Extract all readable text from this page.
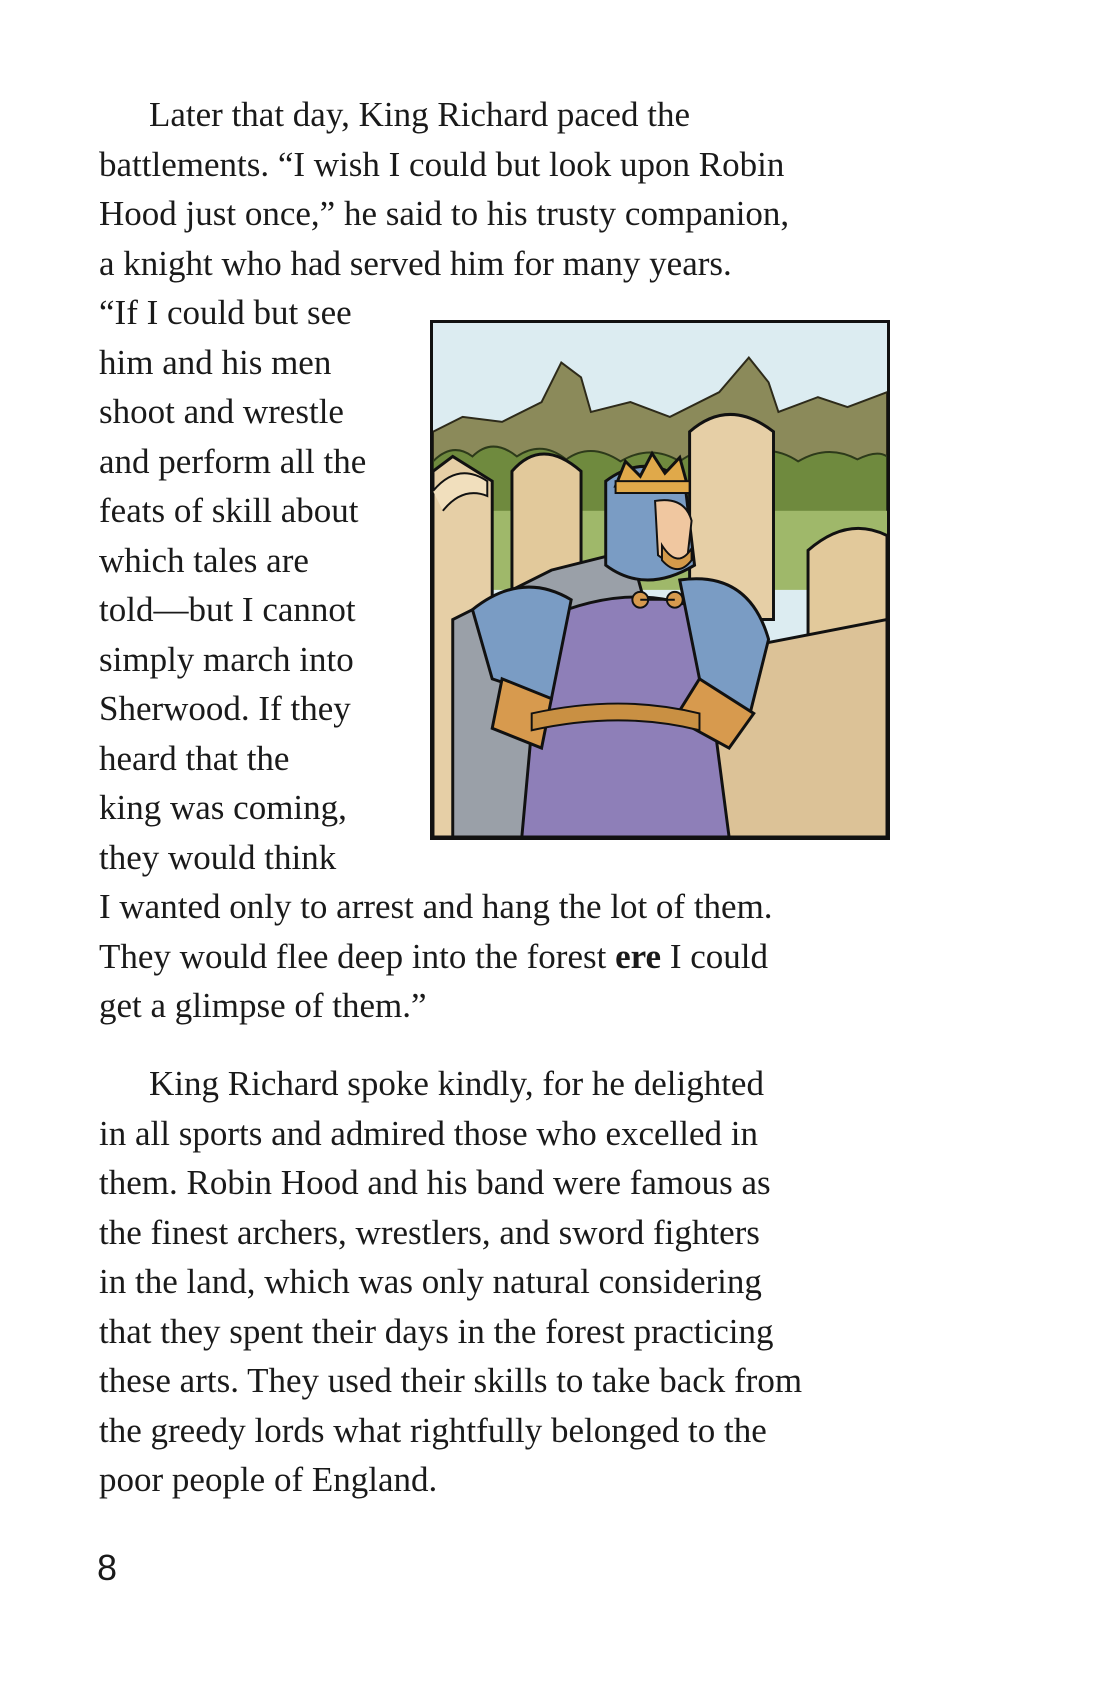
Later that day, King Richard paced the
battlements. “I wish I could but look upon Robin
Hood just once,” he said to his trusty companion,
a knight who had served him for many years.
“If I could but see
him and his men
shoot and wrestle
and perform all the
feats of skill about
which tales are
told—but I cannot
simply march into
Sherwood. If they
heard that the
king was coming,
they would think
I wanted only to arrest and hang the lot of them.
They would flee deep into the forest ere I could
get a glimpse of them.”
King Richard spoke kindly, for he delighted
in all sports and admired those who excelled in
them. Robin Hood and his band were famous as
the finest archers, wrestlers, and sword fighters
in the land, which was only natural considering
that they spent their days in the forest practicing
these arts. They used their skills to take back from
the greedy lords what rightfully belonged to the
poor people of England.
8
